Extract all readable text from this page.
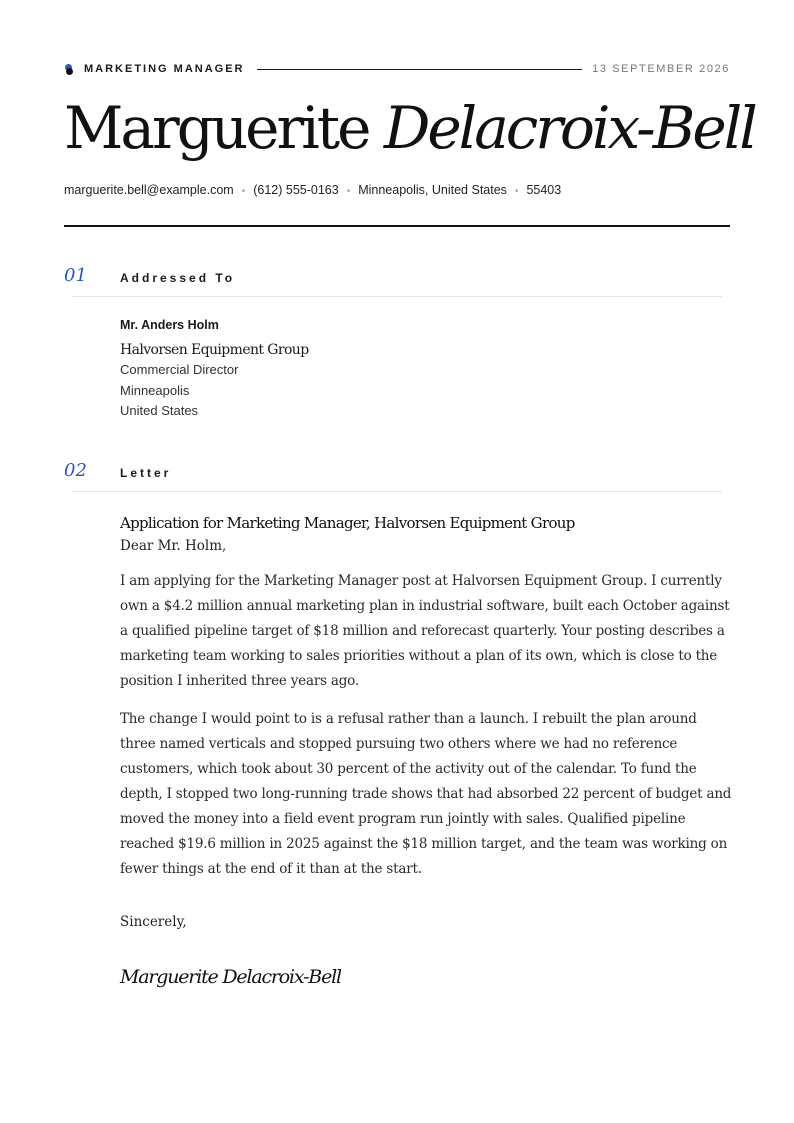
MARKETING MANAGER	13 SEPTEMBER 2026
Marguerite Delacroix-Bell
marguerite.bell@example.com • (612) 555-0163 • Minneapolis, United States • 55403
01	Addressed To
Mr. Anders Holm
Halvorsen Equipment Group
Commercial Director
Minneapolis
United States
02	Letter
Application for Marketing Manager, Halvorsen Equipment Group
Dear Mr. Holm,

I am applying for the Marketing Manager post at Halvorsen Equipment Group. I currently own a $4.2 million annual marketing plan in industrial software, built each October against a qualified pipeline target of $18 million and reforecast quarterly. Your posting describes a marketing team working to sales priorities without a plan of its own, which is close to the position I inherited three years ago.

The change I would point to is a refusal rather than a launch. I rebuilt the plan around three named verticals and stopped pursuing two others where we had no reference customers, which took about 30 percent of the activity out of the calendar. To fund the depth, I stopped two long-running trade shows that had absorbed 22 percent of budget and moved the money into a field event program run jointly with sales. Qualified pipeline reached $19.6 million in 2025 against the $18 million target, and the team was working on fewer things at the end of it than at the start.

Sincerely,
Marguerite Delacroix-Bell
